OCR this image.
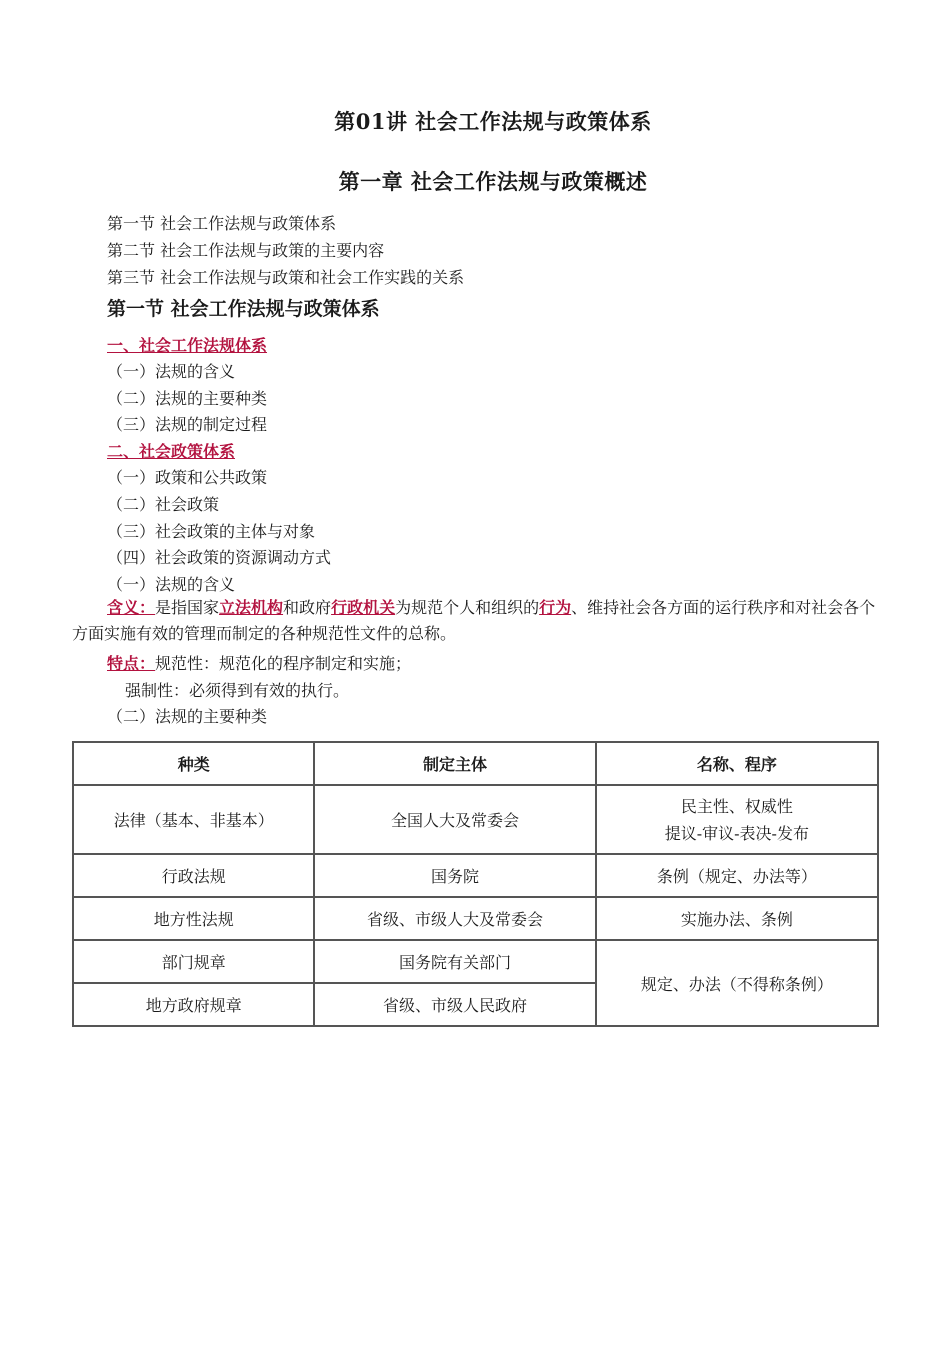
第01讲 社会工作法规与政策体系
第一章 社会工作法规与政策概述
第一节 社会工作法规与政策体系
第二节 社会工作法规与政策的主要内容
第三节 社会工作法规与政策和社会工作实践的关系
第一节 社会工作法规与政策体系
一、社会工作法规体系
（一）法规的含义
（二）法规的主要种类
（三）法规的制定过程
二、社会政策体系
（一）政策和公共政策
（二）社会政策
（三）社会政策的主体与对象
（四）社会政策的资源调动方式
（一）法规的含义
含义：是指国家立法机构和政府行政机关为规范个人和组织的行为、维持社会各方面的运行秩序和对社会各个方面实施有效的管理而制定的各种规范性文件的总称。
特点：规范性：规范化的程序制定和实施；
强制性：必须得到有效的执行。
（二）法规的主要种类
种类	制定主体	名称、程序
法律（基本、非基本）	全国人大及常委会	民主性、权威性
提议-审议-表决-发布

行政法规	国务院	条例（规定、办法等）
地方性法规	省级、市级人大及常委会	实施办法、条例
部门规章	国务院有关部门	规定、办法（不得称条例）
地方政府规章	省级、市级人民政府	
